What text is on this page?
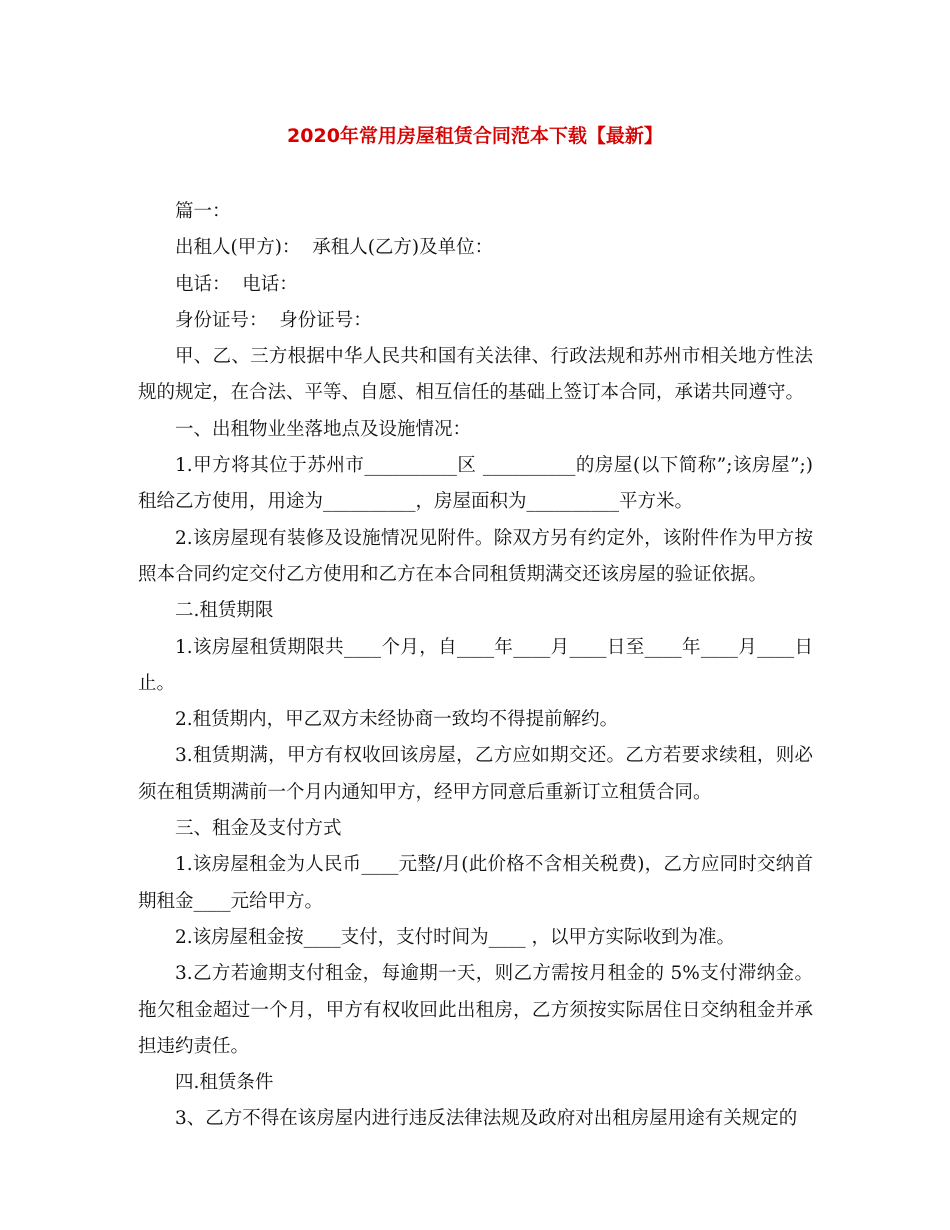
2020年常用房屋租赁合同范本下载【最新】

篇一：

出租人(甲方)：  承租人(乙方)及单位：

电话：  电话：

身份证号：  身份证号：

甲、乙、三方根据中华人民共和国有关法律、行政法规和苏州市相关地方性法规的规定，在合法、平等、自愿、相互信任的基础上签订本合同，承诺共同遵守。

一、出租物业坐落地点及设施情况：

1.甲方将其位于苏州市__________区 __________的房屋(以下简称”;该房屋”;)租给乙方使用，用途为__________，房屋面积为__________平方米。

2.该房屋现有装修及设施情况见附件。除双方另有约定外，该附件作为甲方按照本合同约定交付乙方使用和乙方在本合同租赁期满交还该房屋的验证依据。

二.租赁期限

1.该房屋租赁期限共____个月，自____年____月____日至____年____月____日止。

2.租赁期内，甲乙双方未经协商一致均不得提前解约。

3.租赁期满，甲方有权收回该房屋，乙方应如期交还。乙方若要求续租，则必须在租赁期满前一个月内通知甲方，经甲方同意后重新订立租赁合同。

三、租金及支付方式

1.该房屋租金为人民币____元整/月(此价格不含相关税费)，乙方应同时交纳首期租金____元给甲方。

2.该房屋租金按____支付，支付时间为____ ，以甲方实际收到为准。

3.乙方若逾期支付租金，每逾期一天，则乙方需按月租金的 5%支付滞纳金。拖欠租金超过一个月，甲方有权收回此出租房，乙方须按实际居住日交纳租金并承担违约责任。

四.租赁条件

3、乙方不得在该房屋内进行违反法律法规及政府对出租房屋用途有关规定的
